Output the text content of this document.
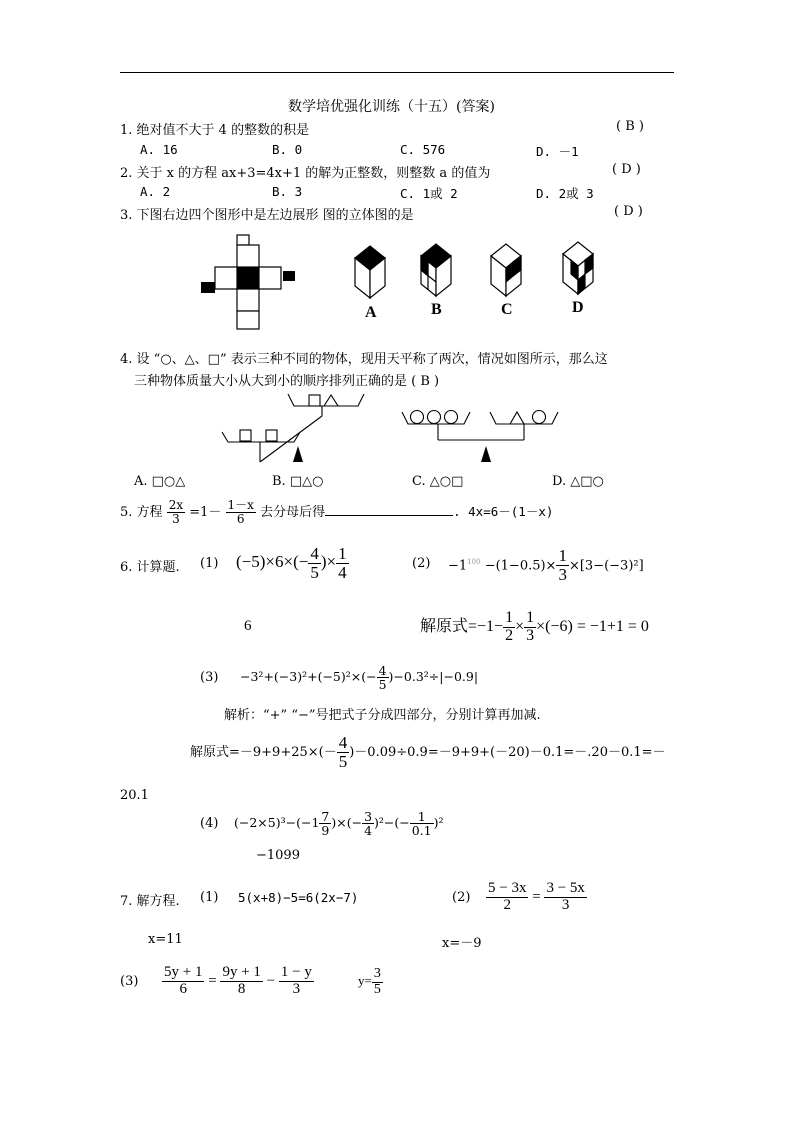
数学培优强化训练（十五）(答案)
1. 绝对值不大于 4 的整数的积是	( B )
A. 16	B. 0	C. 576	D. －1
2. 关于 x 的方程 ax+3=4x+1 的解为正整数，则整数 a 的值为	( D )
A. 2	B. 3	C. 1或 2	D. 2或 3
3. 下图右边四个图形中是左边展形 图的立体图的是	( D )
A	B	C	D
4. 设 “○、△、□” 表示三种不同的物体，现用天平称了两次，情况如图所示，那么这
三种物体质量大小从大到小的顺序排列正确的是 ( B )
A. □○△	B. □△○	C. △○□	D. △□○
5. 方程 $\frac{2x}{3} =1- \frac{1-x}{6}$ 去分母后得	. 4x=6－(1－x)
6. 计算题. (1) $(-5)\times 6\times(- \frac{4}{5}$ )× $\frac{1}{4}$	$(2) -1^{100} -(1-0.5)\times \frac{1}{3} \times[3-(-3)^2]$
6	解原式$=-1- \frac{1}{2} \times \frac{1}{3} \times(-6) = -1+1 = 0$
$(3) -3^2+(-3)^2+(-5)^2\times(- \frac{4}{5} )-0.3^2\div|-0.9|$
解析：“+” “−”号把式子分成四部分，分别计算再加减.
解原式$=-9+9+25\times(- \frac{4}{5} )-0.09\div 0.9=-9+9+(-20)-0.1=-.20-0.1=-$
20.1
(4) $(-2\times 5)^3-(-1 \frac{7}{9}$ )×(− $\frac{3}{4} )^2-(- \frac{1}{0.1} )^2$
−1099
7. 解方程. (1) 5(x+8)−5=6(2x−7)	$(2) \frac{5 - 3x}{2} = \frac{3 - 5x}{3}$
x=11	x=－9
$(3) \frac{5y + 1}{6} = \frac{9y + 1}{8} - \frac{1 - y}{3}$	$y= \frac{3}{5}$
